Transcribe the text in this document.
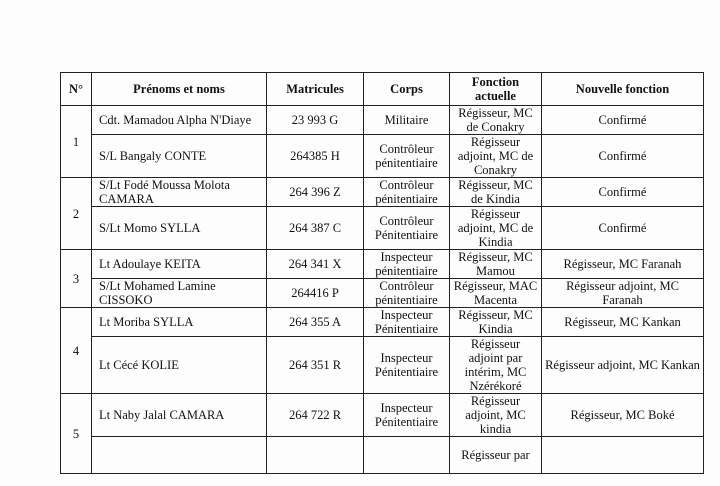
N°	Prénoms et noms	Matricules	Corps	Fonction actuelle	Nouvelle fonction
1	Cdt. Mamadou Alpha N'Diaye	23 993 G	Militaire	Régisseur, MC de Conakry	Confirmé
	S/L Bangaly CONTE	264385 H	Contrôleur pénitentiaire	Régisseur adjoint, MC de Conakry	Confirmé
2	S/Lt Fodé Moussa Molota CAMARA	264 396 Z	Contrôleur pénitentiaire	Régisseur, MC de Kindia	Confirmé
	S/Lt Momo SYLLA	264 387 C	Contrôleur Pénitentiaire	Régisseur adjoint, MC de Kindia	Confirmé
3	Lt Adoulaye KEITA	264 341 X	Inspecteur pénitentiaire	Régisseur, MC Mamou	Régisseur, MC Faranah
	S/Lt Mohamed Lamine CISSOKO	264416 P	Contrôleur pénitentiaire	Régisseur, MAC Macenta	Régisseur adjoint, MC Faranah
4	Lt Moriba SYLLA	264 355 A	Inspecteur Pénitentiaire	Régisseur, MC Kindia	Régisseur, MC Kankan
	Lt Cécé KOLIE	264 351 R	Inspecteur Pénitentiaire	Régisseur adjoint par intérim, MC Nzérékoré	Régisseur adjoint, MC Kankan
5	Lt Naby Jalal CAMARA	264 722 R	Inspecteur Pénitentiaire	Régisseur adjoint, MC kindia	Régisseur, MC Boké
				Régisseur par	
